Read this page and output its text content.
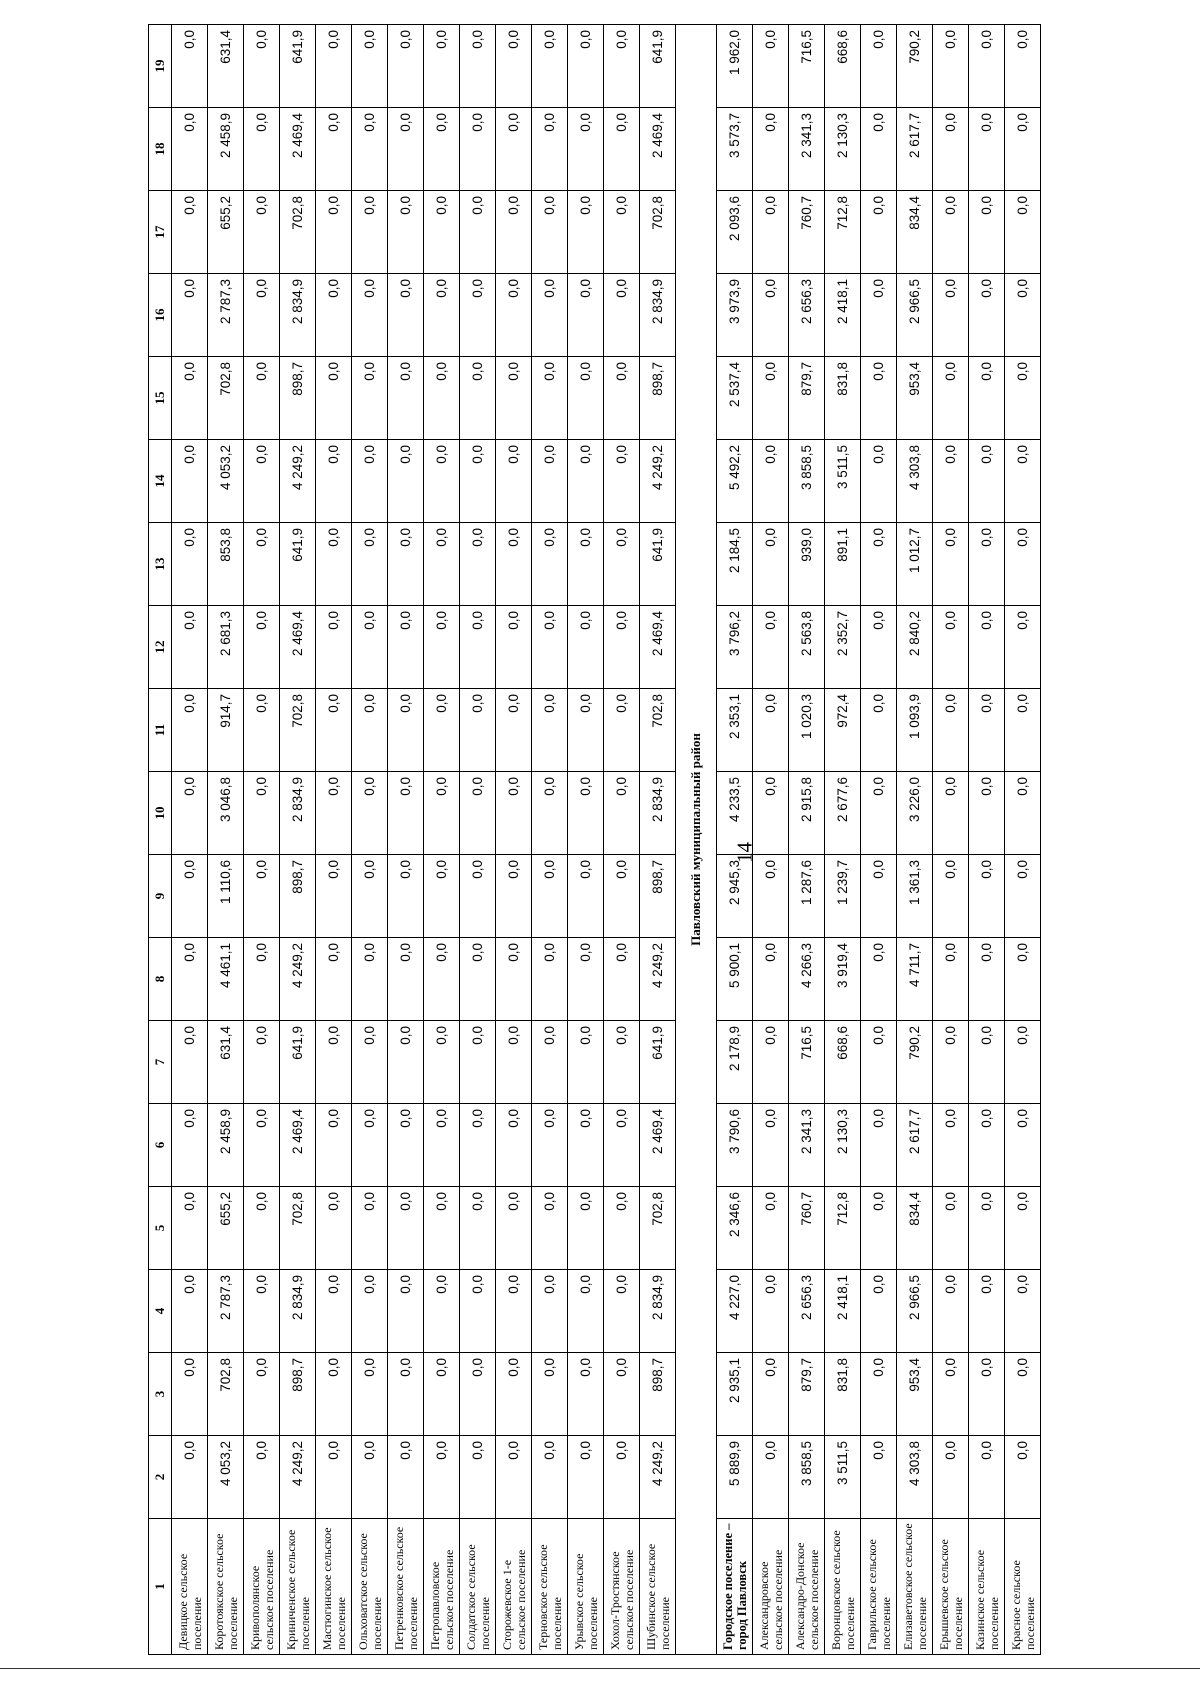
14
1	2	3	4	5	6	7	8	9	10	11	12	13	14	15	16	17	18	19
Девицкое сельское поселение	0,0	0,0	0,0	0,0	0,0	0,0	0,0	0,0	0,0	0,0	0,0	0,0	0,0	0,0	0,0	0,0	0,0	0,0
Коротоякское сельское поселение	4 053,2	702,8	2 787,3	655,2	2 458,9	631,4	4 461,1	1 110,6	3 046,8	914,7	2 681,3	853,8	4 053,2	702,8	2 787,3	655,2	2 458,9	631,4
Кривополянское сельское поселение	0,0	0,0	0,0	0,0	0,0	0,0	0,0	0,0	0,0	0,0	0,0	0,0	0,0	0,0	0,0	0,0	0,0	0,0
Криниченское сельское поселение	4 249,2	898,7	2 834,9	702,8	2 469,4	641,9	4 249,2	898,7	2 834,9	702,8	2 469,4	641,9	4 249,2	898,7	2 834,9	702,8	2 469,4	641,9
Мастюгинское сельское поселение	0,0	0,0	0,0	0,0	0,0	0,0	0,0	0,0	0,0	0,0	0,0	0,0	0,0	0,0	0,0	0,0	0,0	0,0
Ольховатское сельское поселение	0,0	0,0	0,0	0,0	0,0	0,0	0,0	0,0	0,0	0,0	0,0	0,0	0,0	0,0	0,0	0,0	0,0	0,0
Петренковское сельское поселение	0,0	0,0	0,0	0,0	0,0	0,0	0,0	0,0	0,0	0,0	0,0	0,0	0,0	0,0	0,0	0,0	0,0	0,0
Петропавловское сельское поселение	0,0	0,0	0,0	0,0	0,0	0,0	0,0	0,0	0,0	0,0	0,0	0,0	0,0	0,0	0,0	0,0	0,0	0,0
Солдатское сельское поселение	0,0	0,0	0,0	0,0	0,0	0,0	0,0	0,0	0,0	0,0	0,0	0,0	0,0	0,0	0,0	0,0	0,0	0,0
Сторожевское 1-е сельское поселение	0,0	0,0	0,0	0,0	0,0	0,0	0,0	0,0	0,0	0,0	0,0	0,0	0,0	0,0	0,0	0,0	0,0	0,0
Терновское сельское поселение	0,0	0,0	0,0	0,0	0,0	0,0	0,0	0,0	0,0	0,0	0,0	0,0	0,0	0,0	0,0	0,0	0,0	0,0
Урывское сельское поселение	0,0	0,0	0,0	0,0	0,0	0,0	0,0	0,0	0,0	0,0	0,0	0,0	0,0	0,0	0,0	0,0	0,0	0,0
Хохол-Тростянское сельское поселение	0,0	0,0	0,0	0,0	0,0	0,0	0,0	0,0	0,0	0,0	0,0	0,0	0,0	0,0	0,0	0,0	0,0	0,0
Шубинское сельское поселение	4 249,2	898,7	2 834,9	702,8	2 469,4	641,9	4 249,2	898,7	2 834,9	702,8	2 469,4	641,9	4 249,2	898,7	2 834,9	702,8	2 469,4	641,9
Павловский муниципальный район																		
Городское поселение – город Павловск	5 889,9	2 935,1	4 227,0	2 346,6	3 790,6	2 178,9	5 900,1	2 945,3	4 233,5	2 353,1	3 796,2	2 184,5	5 492,2	2 537,4	3 973,9	2 093,6	3 573,7	1 962,0
Александровское сельское поселение	0,0	0,0	0,0	0,0	0,0	0,0	0,0	0,0	0,0	0,0	0,0	0,0	0,0	0,0	0,0	0,0	0,0	0,0
Александро-Донское сельское поселение	3 858,5	879,7	2 656,3	760,7	2 341,3	716,5	4 266,3	1 287,6	2 915,8	1 020,3	2 563,8	939,0	3 858,5	879,7	2 656,3	760,7	2 341,3	716,5
Воронцовское сельское поселение	3 511,5	831,8	2 418,1	712,8	2 130,3	668,6	3 919,4	1 239,7	2 677,6	972,4	2 352,7	891,1	3 511,5	831,8	2 418,1	712,8	2 130,3	668,6
Гаврильское сельское поселение	0,0	0,0	0,0	0,0	0,0	0,0	0,0	0,0	0,0	0,0	0,0	0,0	0,0	0,0	0,0	0,0	0,0	0,0
Елизаветовское сельское поселение	4 303,8	953,4	2 966,5	834,4	2 617,7	790,2	4 711,7	1 361,3	3 226,0	1 093,9	2 840,2	1 012,7	4 303,8	953,4	2 966,5	834,4	2 617,7	790,2
Ерышевское сельское поселение	0,0	0,0	0,0	0,0	0,0	0,0	0,0	0,0	0,0	0,0	0,0	0,0	0,0	0,0	0,0	0,0	0,0	0,0
Казинское сельское поселение	0,0	0,0	0,0	0,0	0,0	0,0	0,0	0,0	0,0	0,0	0,0	0,0	0,0	0,0	0,0	0,0	0,0	0,0
Красное сельское поселение	0,0	0,0	0,0	0,0	0,0	0,0	0,0	0,0	0,0	0,0	0,0	0,0	0,0	0,0	0,0	0,0	0,0	0,0
